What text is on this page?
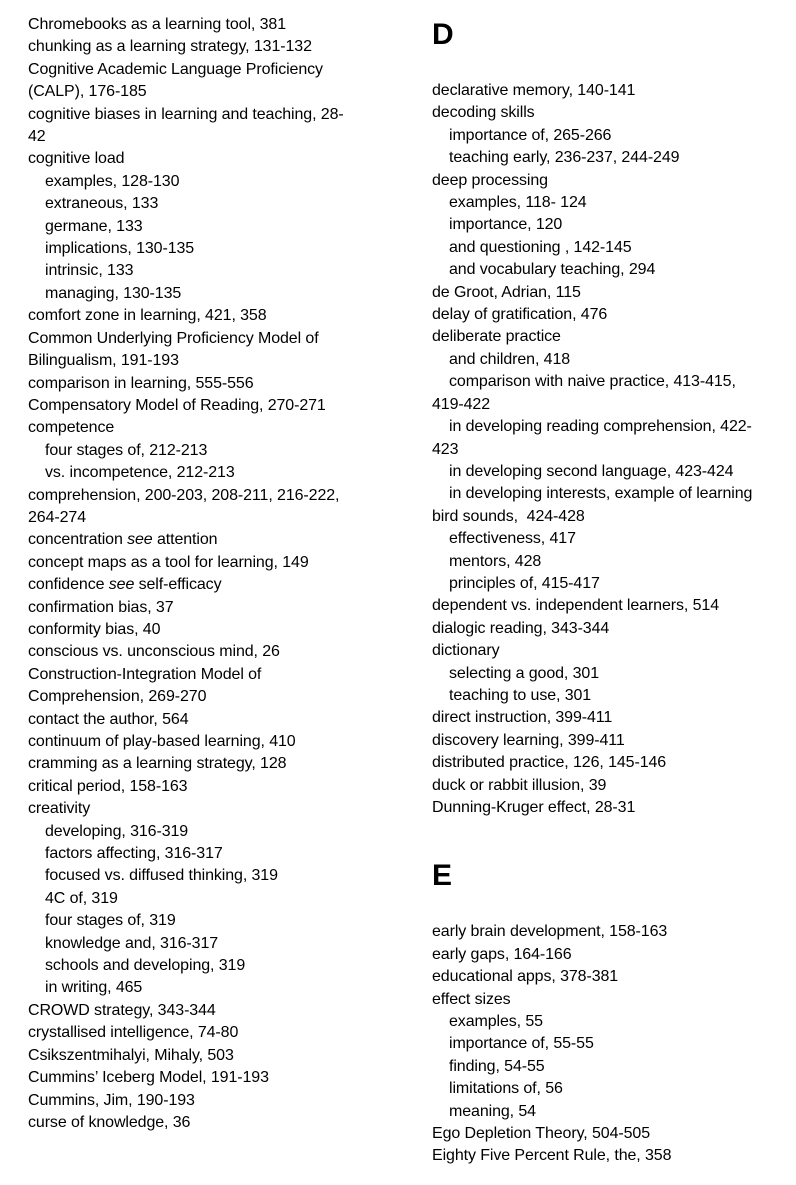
Chromebooks as a learning tool, 381
chunking as a learning strategy, 131-132
Cognitive Academic Language Proficiency
(CALP), 176-185
cognitive biases in learning and teaching, 28-
42
cognitive load
examples, 128-130
extraneous, 133
germane, 133
implications, 130-135
intrinsic, 133
managing, 130-135
comfort zone in learning, 421, 358
Common Underlying Proficiency Model of
Bilingualism, 191-193
comparison in learning, 555-556
Compensatory Model of Reading, 270-271
competence
four stages of, 212-213
vs. incompetence, 212-213
comprehension, 200-203, 208-211, 216-222,
264-274
concentration see attention
concept maps as a tool for learning, 149
confidence see self-efficacy
confirmation bias, 37
conformity bias, 40
conscious vs. unconscious mind, 26
Construction-Integration Model of
Comprehension, 269-270
contact the author, 564
continuum of play-based learning, 410
cramming as a learning strategy, 128
critical period, 158-163
creativity
developing, 316-319
factors affecting, 316-317
focused vs. diffused thinking, 319
4C of, 319
four stages of, 319
knowledge and, 316-317
schools and developing, 319
in writing, 465
CROWD strategy, 343-344
crystallised intelligence, 74-80
Csikszentmihalyi, Mihaly, 503
Cummins’ Iceberg Model, 191-193
Cummins, Jim, 190-193
curse of knowledge, 36
D
declarative memory, 140-141
decoding skills
importance of, 265-266
teaching early, 236-237, 244-249
deep processing
examples, 118- 124
importance, 120
and questioning , 142-145
and vocabulary teaching, 294
de Groot, Adrian, 115
delay of gratification, 476
deliberate practice
and children, 418
comparison with naive practice, 413-415,
419-422
in developing reading comprehension, 422-
423
in developing second language, 423-424
in developing interests, example of learning
bird sounds,  424-428
effectiveness, 417
mentors, 428
principles of, 415-417
dependent vs. independent learners, 514
dialogic reading, 343-344
dictionary
selecting a good, 301
teaching to use, 301
direct instruction, 399-411
discovery learning, 399-411
distributed practice, 126, 145-146
duck or rabbit illusion, 39
Dunning-Kruger effect, 28-31
E
early brain development, 158-163
early gaps, 164-166
educational apps, 378-381
effect sizes
examples, 55
importance of, 55-55
finding, 54-55
limitations of, 56
meaning, 54
Ego Depletion Theory, 504-505
Eighty Five Percent Rule, the, 358
